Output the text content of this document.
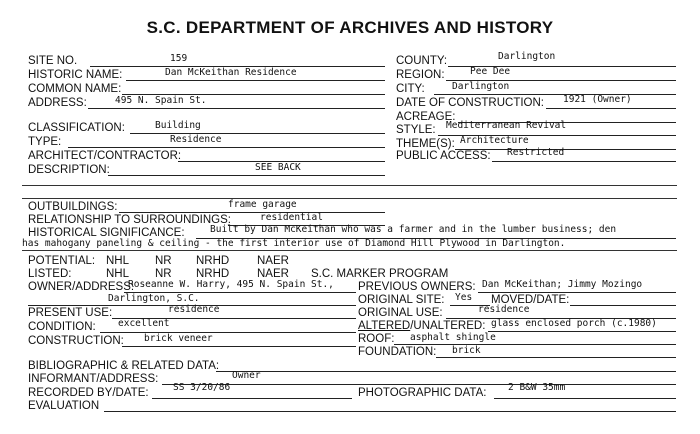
S.C. DEPARTMENT OF ARCHIVES AND HISTORY
SITE NO.	159
HISTORIC NAME:	Dan McKeithan Residence
COMMON NAME:
ADDRESS:	495 N. Spain St.
CLASSIFICATION:	Building
TYPE:	Residence
ARCHITECT/CONTRACTOR:
DESCRIPTION:	SEE BACK
COUNTY:	Darlington
REGION:	Pee Dee
CITY:	Darlington
DATE OF CONSTRUCTION: 1921 (Owner)
ACREAGE:
STYLE: Mediterranean Revival
THEME(S): Architecture
PUBLIC ACCESS: Restricted
OUTBUILDINGS:	frame garage
RELATIONSHIP TO SURROUNDINGS:	residential
HISTORICAL SIGNIFICANCE:	Built by Dan McKeithan who was a farmer and in the lumber business; den
has mahogany paneling & ceiling - the first interior use of Diamond Hill Plywood in Darlington.
POTENTIAL: NHL NR NRHD NAER
LISTED:	NHL NR NRHD NAER S.C. MARKER PROGRAM
OWNER/ADDRESS:
Roseanne W. Harry, 495 N. Spain St.,
Darlington, S.C.
PRESENT USE:	residence
CONDITION: excellent
CONSTRUCTION: brick veneer
BIBLIOGRAPHIC & RELATED DATA:
INFORMANT/ADDRESS:	Owner
RECORDED BY/DATE:	SS 3/20/86
EVALUATION
PREVIOUS OWNERS: Dan McKeithan; Jimmy Mozingo
ORIGINAL SITE: Yes MOVED/DATE:
ORIGINAL USE:	residence
ALTERED/UNALTERED: glass enclosed porch (c.1980)
ROOF: asphalt shingle
FOUNDATION: brick
PHOTOGRAPHIC DATA: 2 B&W 35mm
